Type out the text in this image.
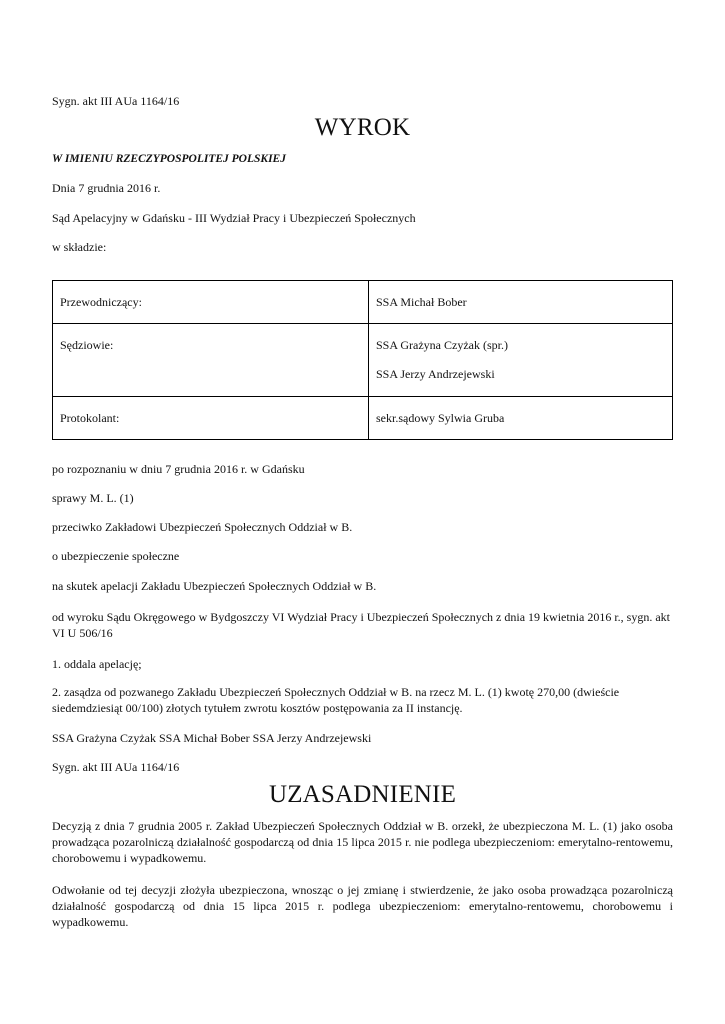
Sygn. akt III AUa 1164/16
WYROK
W IMIENIU RZECZYPOSPOLITEJ POLSKIEJ
Dnia 7 grudnia 2016 r.
Sąd Apelacyjny w Gdańsku - III Wydział Pracy i Ubezpieczeń Społecznych
w składzie:
Przewodniczący:	SSA Michał Bober

Sędziowie:	SSA Grażyna Czyżak (spr.)
SSA Jerzy Andrzejewski

Protokolant:	sekr.sądowy Sylwia Gruba
po rozpoznaniu w dniu 7 grudnia 2016 r. w Gdańsku
sprawy M. L. (1)
przeciwko Zakładowi Ubezpieczeń Społecznych Oddział w B.
o ubezpieczenie społeczne
na skutek apelacji Zakładu Ubezpieczeń Społecznych Oddział w B.
od wyroku Sądu Okręgowego w Bydgoszczy VI Wydział Pracy i Ubezpieczeń Społecznych z dnia 19 kwietnia 2016 r., sygn. akt VI U 506/16
1. oddala apelację;
2. zasądza od pozwanego Zakładu Ubezpieczeń Społecznych Oddział w B. na rzecz M. L. (1) kwotę 270,00 (dwieście siedemdziesiąt 00/100) złotych tytułem zwrotu kosztów postępowania za II instancję.
SSA Grażyna Czyżak SSA Michał Bober SSA Jerzy Andrzejewski
Sygn. akt III AUa 1164/16
UZASADNIENIE
Decyzją z dnia 7 grudnia 2005 r. Zakład Ubezpieczeń Społecznych Oddział w B. orzekł, że ubezpieczona M. L. (1) jako osoba prowadząca pozarolniczą działalność gospodarczą od dnia 15 lipca 2015 r. nie podlega ubezpieczeniom: emerytalno-rentowemu, chorobowemu i wypadkowemu.
Odwołanie od tej decyzji złożyła ubezpieczona, wnosząc o jej zmianę i stwierdzenie, że jako osoba prowadząca pozarolniczą działalność gospodarczą od dnia 15 lipca 2015 r. podlega ubezpieczeniom: emerytalno-rentowemu, chorobowemu i wypadkowemu.
